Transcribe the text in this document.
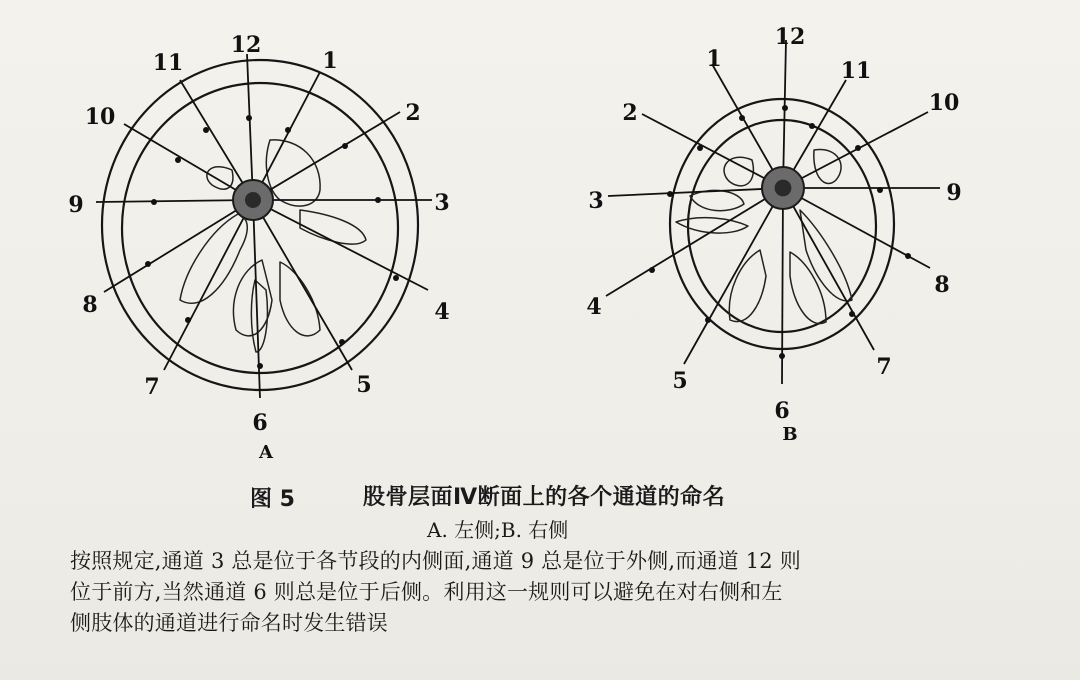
1
2
3
4
5
6
7
8
9
10
11
12
A
1
2
3
4
5
6
7
8
9
10
11
12
B
图 5	股骨层面Ⅳ断面上的各个通道的命名
A. 左侧;B. 右侧
按照规定,通道 3 总是位于各节段的内侧面,通道 9 总是位于外侧,而通道 12 则
位于前方,当然通道 6 则总是位于后侧。利用这一规则可以避免在对右侧和左
侧肢体的通道进行命名时发生错误
